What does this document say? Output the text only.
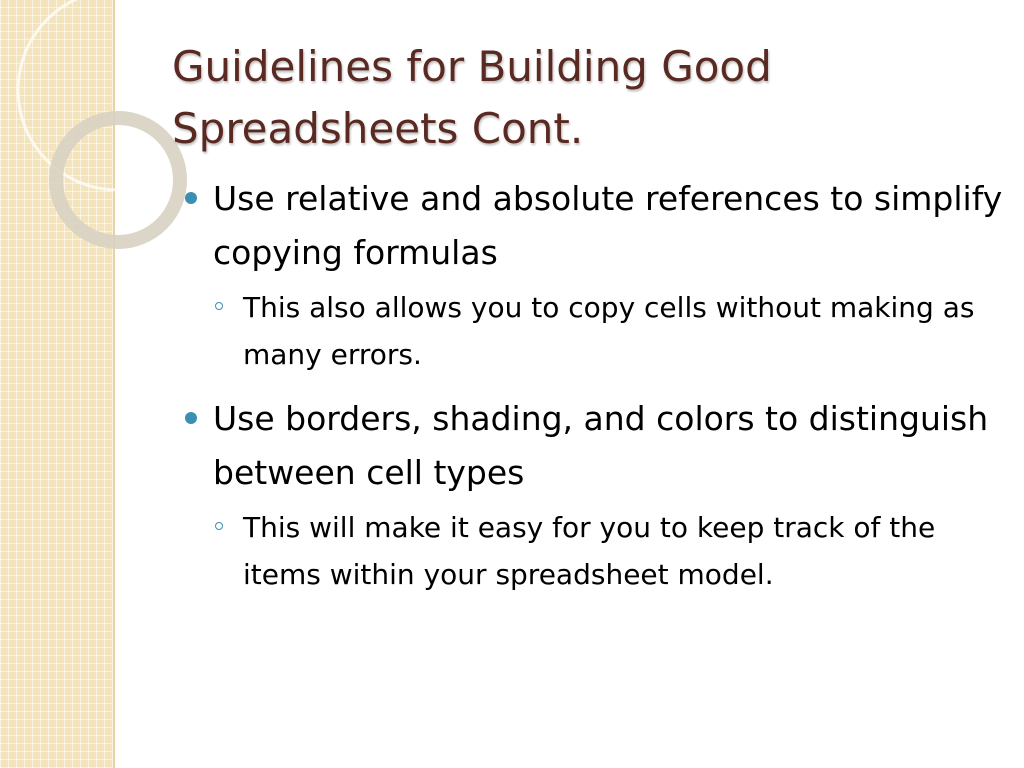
Guidelines for Building Good
Spreadsheets Cont.

Use relative and absolute references to simplify copying formulas

This also allows you to copy cells without making as many errors.

Use borders, shading, and colors to distinguish between cell types

This will make it easy for you to keep track of the items within your spreadsheet model.
